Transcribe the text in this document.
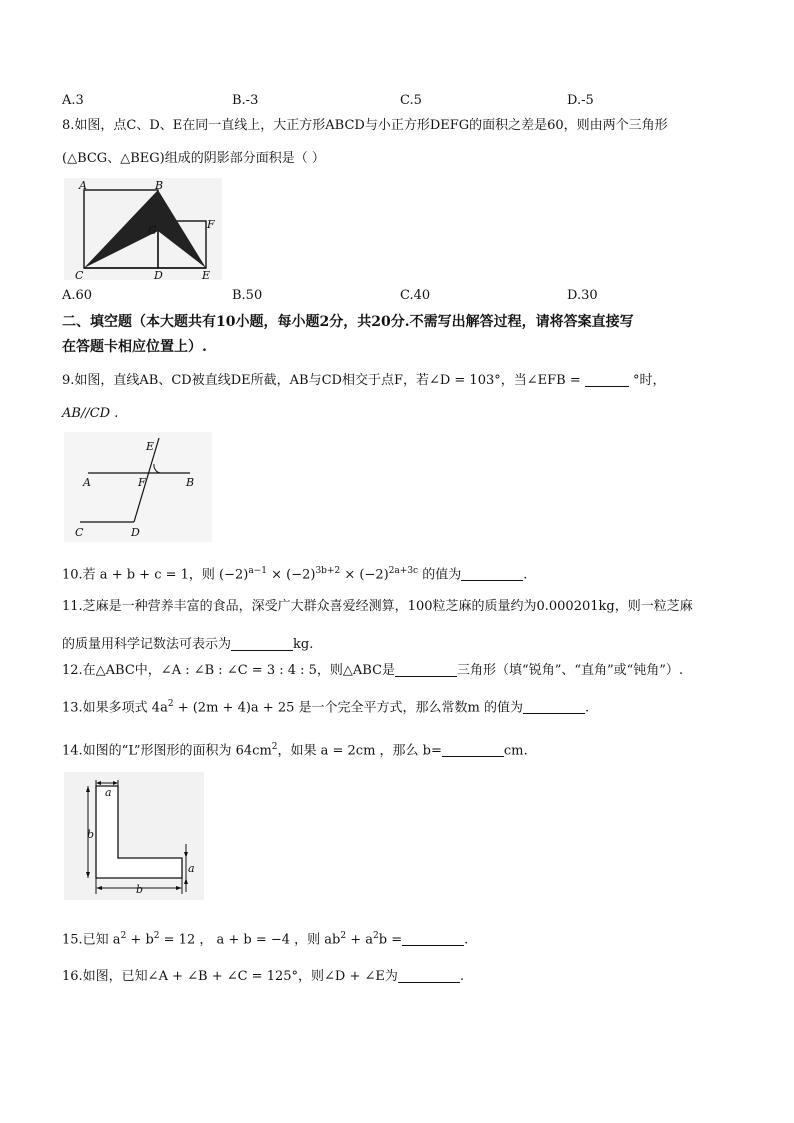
A.3	B.-3	C.5	D.-5
8.如图，点C、D、E在同一直线上，大正方形ABCD与小正方形DEFG的面积之差是60，则由两个三角形
(△BCG、△BEG)组成的阴影部分面积是（ ）
A	B
G	F
C	D	E
A.60	B.50	C.40	D.30
二、填空题（本大题共有10小题，每小题2分，共20分.不需写出解答过程，请将答案直接写
在答题卡相应位置上）.
9.如图，直线AB、CD被直线DE所截，AB与CD相交于点F，若∠D = 103°，当∠EFB =	°时，
AB//CD .
E
A	F	B
C	D
10.若 a + b + c = 1，则 $(-2)^{a-1} \times (-2)^{3b+2} \times (-2)^{2a+3c}$ 的值为	.
11.芝麻是一种营养丰富的食品，深受广大群众喜爱经测算，100粒芝麻的质量约为0.000201kg，则一粒芝麻
的质量用科学记数法可表示为	kg.
12.在△ABC中，∠A : ∠B : ∠C = 3 : 4 : 5，则△ABC是	三角形（填“锐角”、“直角”或“钝角”）.
13.如果多项式 $4a^2 + (2m + 4)a + 25$ 是一个完全平方式，那么常数m 的值为	.
14.如图的“L”形图形的面积为 $64cm^2$，如果 a = 2cm ，那么 b=	cm.
a
b
a
b
15.已知 $a^2 + b^2 = 12$ ， a + b = −4 ，则 $ab^2 + a^2b$ =	.
16.如图，已知∠A + ∠B + ∠C = 125°，则∠D + ∠E为	.
